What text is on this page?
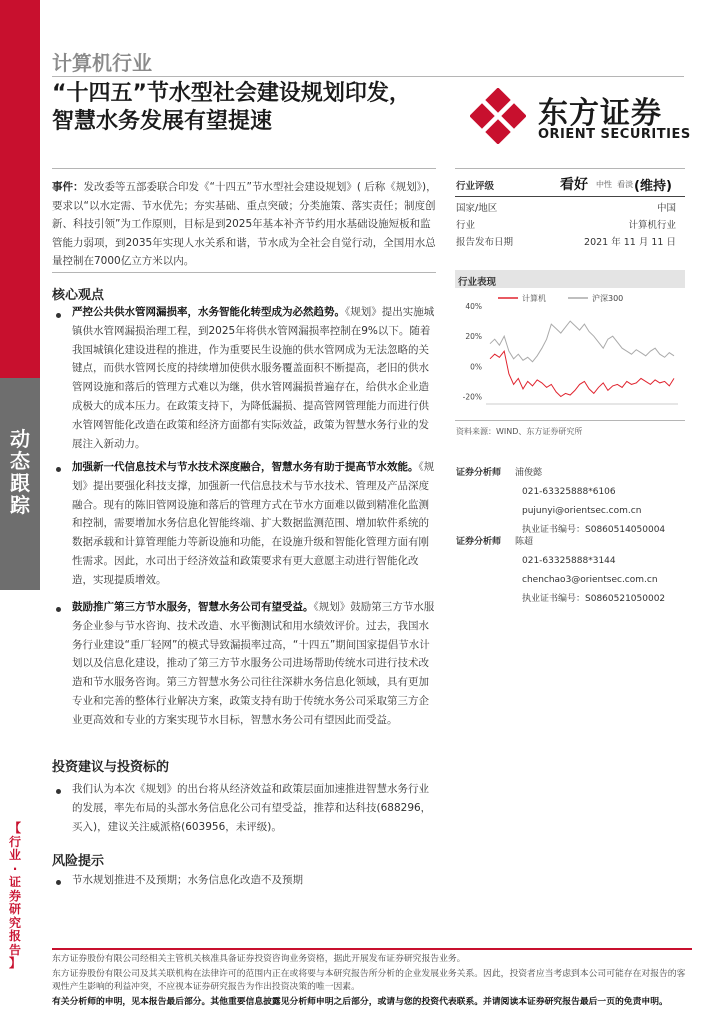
动
态
跟
踪
【
行
业
·
证
券
研
究
报
告
】
计算机行业
“十四五”节水型社会建设规划印发，
智慧水务发展有望提速	东方证券
ORIENT SECURITIES
事件：发改委等五部委联合印发《“十四五”节水型社会建设规划》( 后称《规划》)，要求以“以水定需、节水优先；夯实基础、重点突破；分类施策、落实责任；制度创新、科技引领”为工作原则，目标是到2025年基本补齐节约用水基础设施短板和监管能力弱项，到2035年实现人水关系和谐，节水成为全社会自觉行动，全国用水总量控制在7000亿立方米以内。
核心观点
严控公共供水管网漏损率，水务智能化转型成为必然趋势。《规划》提出实施城镇供水管网漏损治理工程，到2025年将供水管网漏损率控制在9%以下。随着我国城镇化建设进程的推进，作为重要民生设施的供水管网成为无法忽略的关键点，而供水管网长度的持续增加使供水服务覆盖面积不断提高，老旧的供水管网设施和落后的管理方式难以为继，供水管网漏损普遍存在，给供水企业造成极大的成本压力。在政策支持下，为降低漏损、提高管网管理能力而进行供水管网智能化改造在政策和经济方面都有实际效益，政策为智慧水务行业的发展注入新动力。
加强新一代信息技术与节水技术深度融合，智慧水务有助于提高节水效能。《规划》提出要强化科技支撑，加强新一代信息技术与节水技术、管理及产品深度融合。现有的陈旧管网设施和落后的管理方式在节水方面难以做到精准化监测和控制，需要增加水务信息化智能终端、扩大数据监测范围、增加软件系统的数据承载和计算管理能力等新设施和功能，在设施升级和智能化管理方面有刚性需求。因此，水司出于经济效益和政策要求有更大意愿主动进行智能化改造，实现提质增效。
鼓励推广第三方节水服务，智慧水务公司有望受益。《规划》鼓励第三方节水服务企业参与节水咨询、技术改造、水平衡测试和用水绩效评价。过去，我国水务行业建设“重厂轻网”的模式导致漏损率过高，“十四五”期间国家提倡节水计划以及信息化建设，推动了第三方节水服务公司进场帮助传统水司进行技术改造和节水服务咨询。第三方智慧水务公司往往深耕水务信息化领域，具有更加专业和完善的整体行业解决方案，政策支持有助于传统水务公司采取第三方企业更高效和专业的方案实现节水目标，智慧水务公司有望因此而受益。
投资建议与投资标的
我们认为本次《规划》的出台将从经济效益和政策层面加速推进智慧水务行业的发展，率先布局的头部水务信息化公司有望受益，推荐和达科技(688296，买入)，建议关注威派格(603956，未评级)。
风险提示
节水规划推进不及预期；水务信息化改造不及预期
行业评级	看好 中性  看淡 (维持)
国家/地区	中国
行业	计算机行业
报告发布日期	2021 年 11 月 11 日
行业表现
计算机	沪深300
40%
20%
0%
-20%
资料来源：WIND、东方证券研究所
证券分析师 浦俊懿
021-63325888*6106
pujunyi@orientsec.com.cn
执业证书编号：S0860514050004
证券分析师 陈超
021-63325888*3144
chenchao3@orientsec.com.cn
执业证书编号：S0860521050002
东方证券股份有限公司经相关主管机关核准具备证券投资咨询业务资格，据此开展发布证券研究报告业务。
东方证券股份有限公司及其关联机构在法律许可的范围内正在或将要与本研究报告所分析的企业发展业务关系。因此，投资者应当考虑到本公司可能存在对报告的客观性产生影响的利益冲突，不应视本证券研究报告为作出投资决策的唯一因素。
有关分析师的申明，见本报告最后部分。其他重要信息披露见分析师申明之后部分，或请与您的投资代表联系。并请阅读本证券研究报告最后一页的免责申明。
